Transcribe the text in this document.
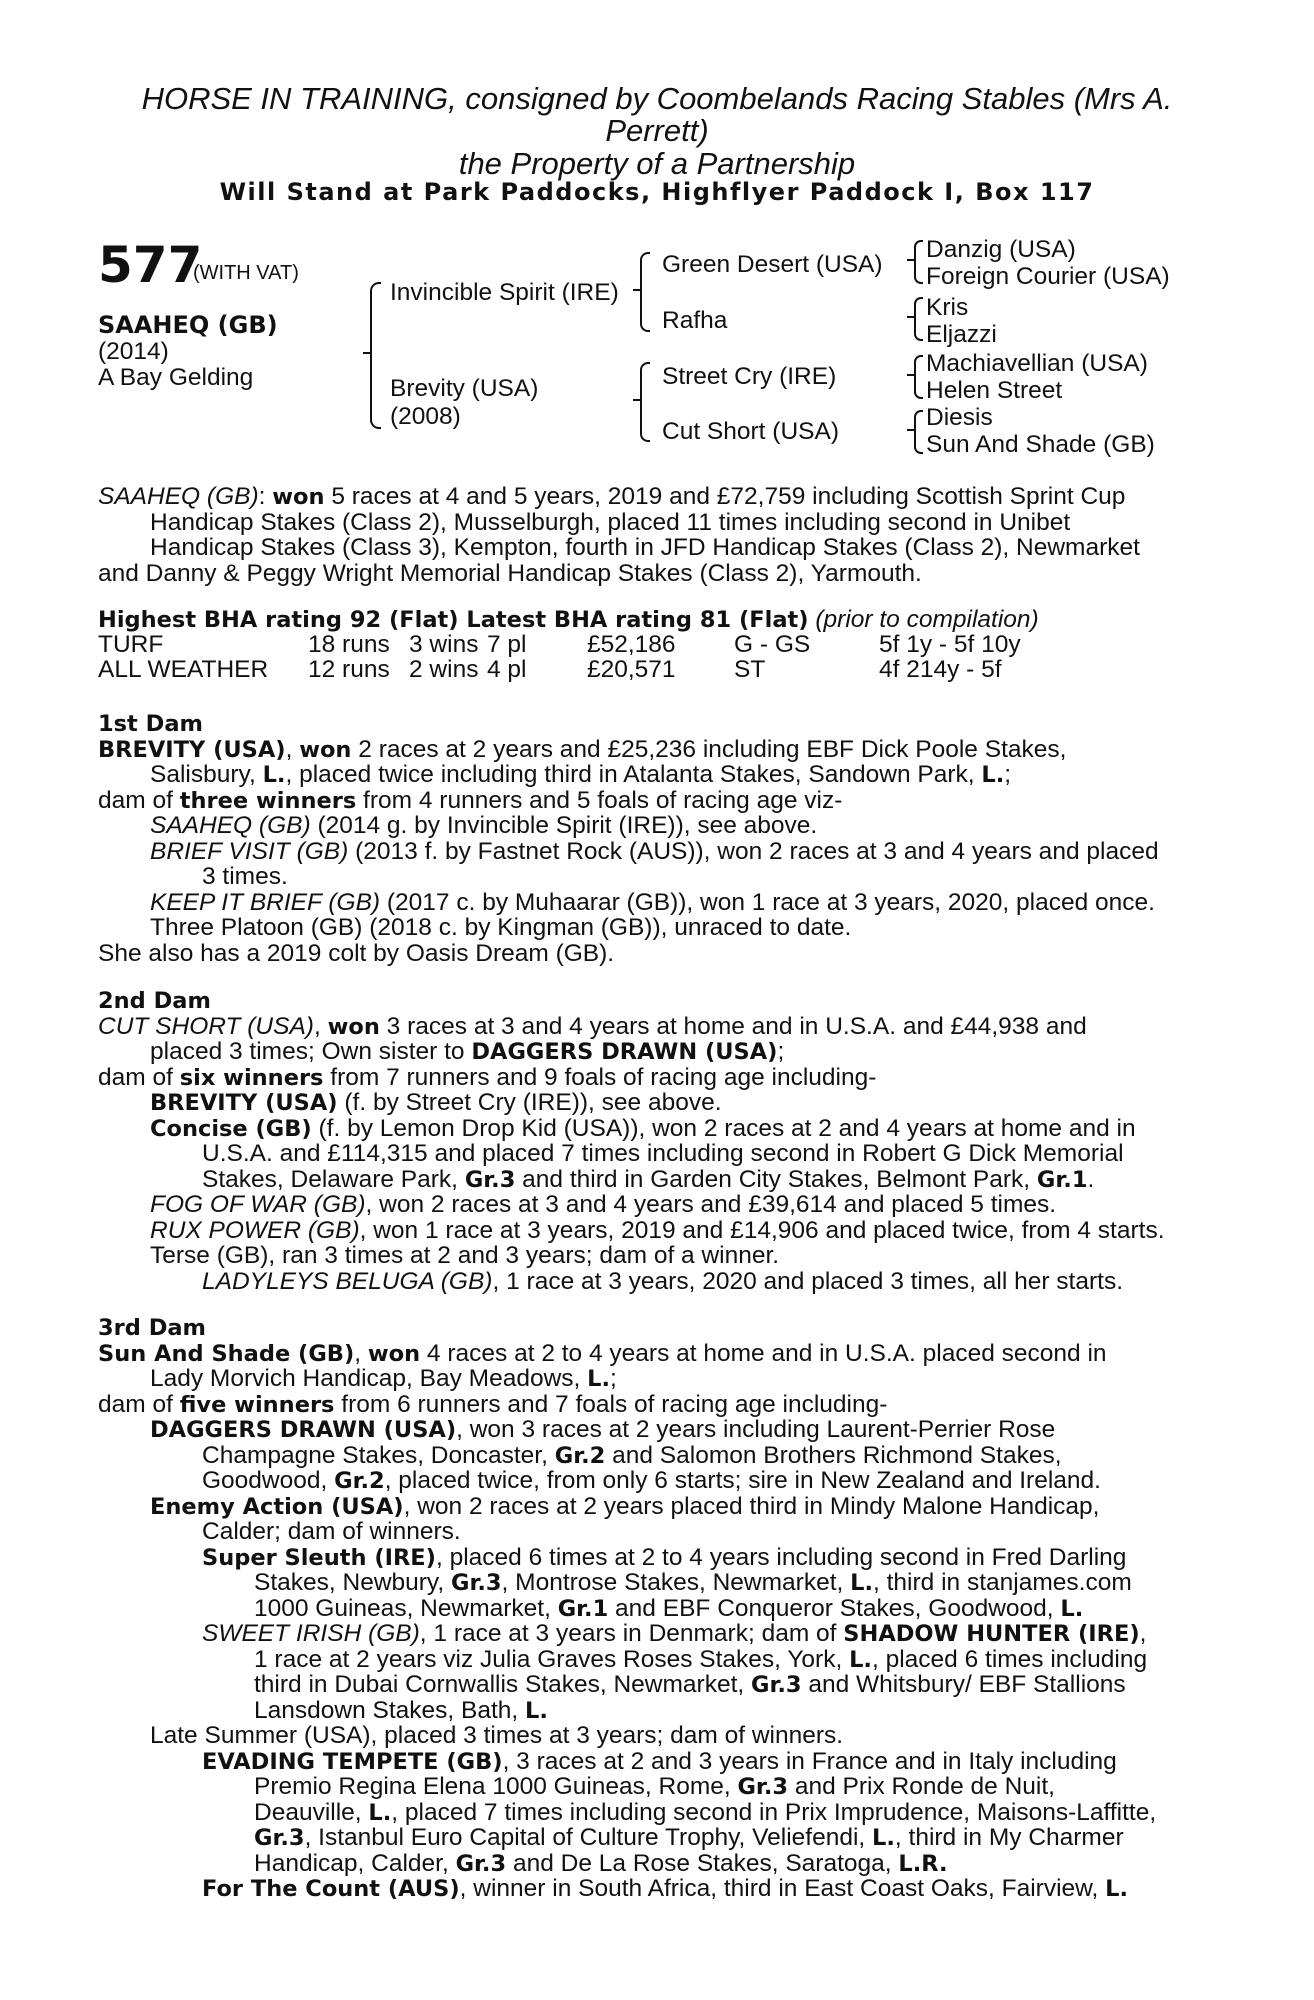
HORSE IN TRAINING, consigned by Coombelands Racing Stables (Mrs A.
Perrett)
the Property of a Partnership
Will Stand at Park Paddocks, Highflyer Paddock I, Box 117
577
(WITH VAT)
SAAHEQ (GB)
(2014)
A Bay Gelding
Invincible Spirit (IRE)
Brevity (USA)
(2008)
Green Desert (USA)
Rafha
Street Cry (IRE)
Cut Short (USA)
Danzig (USA)
Foreign Courier (USA)
Kris
Eljazzi
Machiavellian (USA)
Helen Street
Diesis
Sun And Shade (GB)
SAAHEQ (GB): won 5 races at 4 and 5 years, 2019 and £72,759 including Scottish Sprint Cup
Handicap Stakes (Class 2), Musselburgh, placed 11 times including second in Unibet
Handicap Stakes (Class 3), Kempton, fourth in JFD Handicap Stakes (Class 2), Newmarket
and Danny & Peggy Wright Memorial Handicap Stakes (Class 2), Yarmouth.
Highest BHA rating 92 (Flat) Latest BHA rating 81 (Flat) (prior to compilation)
TURF	18 runs	3 wins	7 pl	£52,186	G - GS	5f 1y - 5f 10y
ALL WEATHER	12 runs	2 wins	4 pl	£20,571	ST	4f 214y - 5f
1st Dam
BREVITY (USA), won 2 races at 2 years and £25,236 including EBF Dick Poole Stakes,
Salisbury, L., placed twice including third in Atalanta Stakes, Sandown Park, L.;
dam of three winners from 4 runners and 5 foals of racing age viz-
SAAHEQ (GB) (2014 g. by Invincible Spirit (IRE)), see above.
BRIEF VISIT (GB) (2013 f. by Fastnet Rock (AUS)), won 2 races at 3 and 4 years and placed
3 times.
KEEP IT BRIEF (GB) (2017 c. by Muhaarar (GB)), won 1 race at 3 years, 2020, placed once.
Three Platoon (GB) (2018 c. by Kingman (GB)), unraced to date.
She also has a 2019 colt by Oasis Dream (GB).
2nd Dam
CUT SHORT (USA), won 3 races at 3 and 4 years at home and in U.S.A. and £44,938 and
placed 3 times; Own sister to DAGGERS DRAWN (USA);
dam of six winners from 7 runners and 9 foals of racing age including-
BREVITY (USA) (f. by Street Cry (IRE)), see above.
Concise (GB) (f. by Lemon Drop Kid (USA)), won 2 races at 2 and 4 years at home and in
U.S.A. and £114,315 and placed 7 times including second in Robert G Dick Memorial
Stakes, Delaware Park, Gr.3 and third in Garden City Stakes, Belmont Park, Gr.1.
FOG OF WAR (GB), won 2 races at 3 and 4 years and £39,614 and placed 5 times.
RUX POWER (GB), won 1 race at 3 years, 2019 and £14,906 and placed twice, from 4 starts.
Terse (GB), ran 3 times at 2 and 3 years; dam of a winner.
LADYLEYS BELUGA (GB), 1 race at 3 years, 2020 and placed 3 times, all her starts.
3rd Dam
Sun And Shade (GB), won 4 races at 2 to 4 years at home and in U.S.A. placed second in
Lady Morvich Handicap, Bay Meadows, L.;
dam of five winners from 6 runners and 7 foals of racing age including-
DAGGERS DRAWN (USA), won 3 races at 2 years including Laurent-Perrier Rose
Champagne Stakes, Doncaster, Gr.2 and Salomon Brothers Richmond Stakes,
Goodwood, Gr.2, placed twice, from only 6 starts; sire in New Zealand and Ireland.
Enemy Action (USA), won 2 races at 2 years placed third in Mindy Malone Handicap,
Calder; dam of winners.
Super Sleuth (IRE), placed 6 times at 2 to 4 years including second in Fred Darling
Stakes, Newbury, Gr.3, Montrose Stakes, Newmarket, L., third in stanjames.com
1000 Guineas, Newmarket, Gr.1 and EBF Conqueror Stakes, Goodwood, L.
SWEET IRISH (GB), 1 race at 3 years in Denmark; dam of SHADOW HUNTER (IRE),
1 race at 2 years viz Julia Graves Roses Stakes, York, L., placed 6 times including
third in Dubai Cornwallis Stakes, Newmarket, Gr.3 and Whitsbury/ EBF Stallions
Lansdown Stakes, Bath, L.
Late Summer (USA), placed 3 times at 3 years; dam of winners.
EVADING TEMPETE (GB), 3 races at 2 and 3 years in France and in Italy including
Premio Regina Elena 1000 Guineas, Rome, Gr.3 and Prix Ronde de Nuit,
Deauville, L., placed 7 times including second in Prix Imprudence, Maisons-Laffitte,
Gr.3, Istanbul Euro Capital of Culture Trophy, Veliefendi, L., third in My Charmer
Handicap, Calder, Gr.3 and De La Rose Stakes, Saratoga, L.R.
For The Count (AUS), winner in South Africa, third in East Coast Oaks, Fairview, L.
